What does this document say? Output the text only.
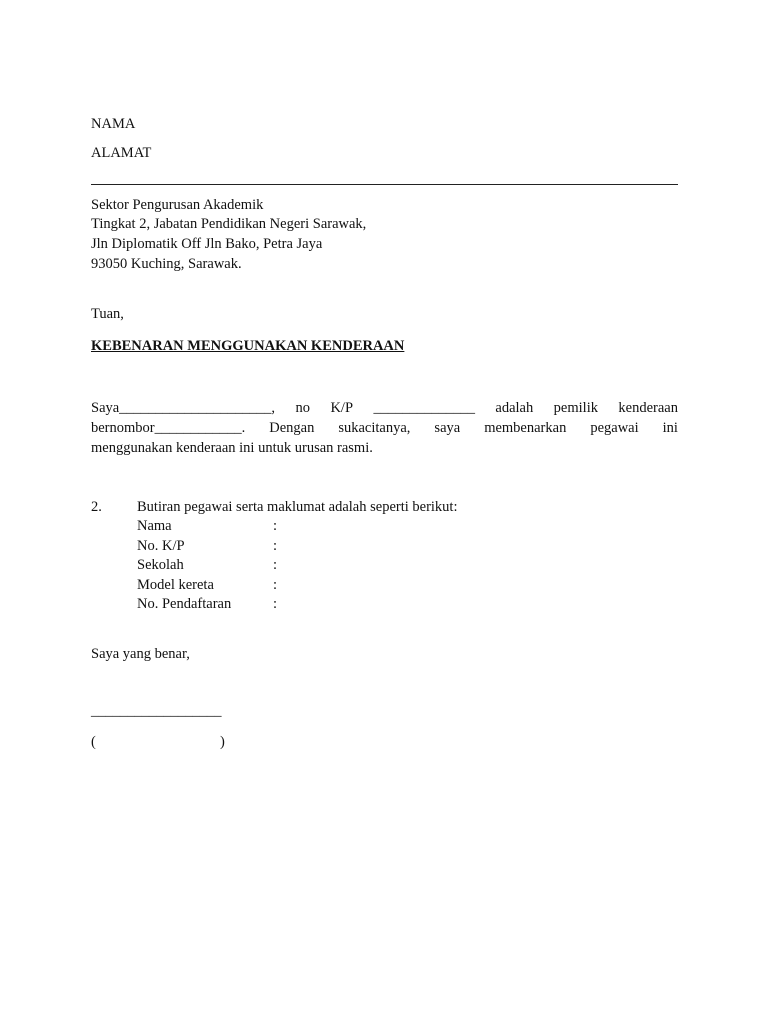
NAMA
ALAMAT
Sektor Pengurusan Akademik
Tingkat 2, Jabatan Pendidikan Negeri Sarawak,
Jln Diplomatik Off Jln Bako, Petra Jaya
93050 Kuching, Sarawak.
Tuan,
KEBENARAN MENGGUNAKAN KENDERAAN
Saya_____________________, no K/P ______________ adalah pemilik kenderaan
bernombor____________. Dengan sukacitanya, saya membenarkan pegawai ini
menggunakan kenderaan ini untuk urusan rasmi.
2. Butiran pegawai serta maklumat adalah seperti berikut:
Nama	:
No. K/P	:
Sekolah	:
Model kereta	:
No. Pendaftaran	:
Saya yang benar,
__________________
(	)
